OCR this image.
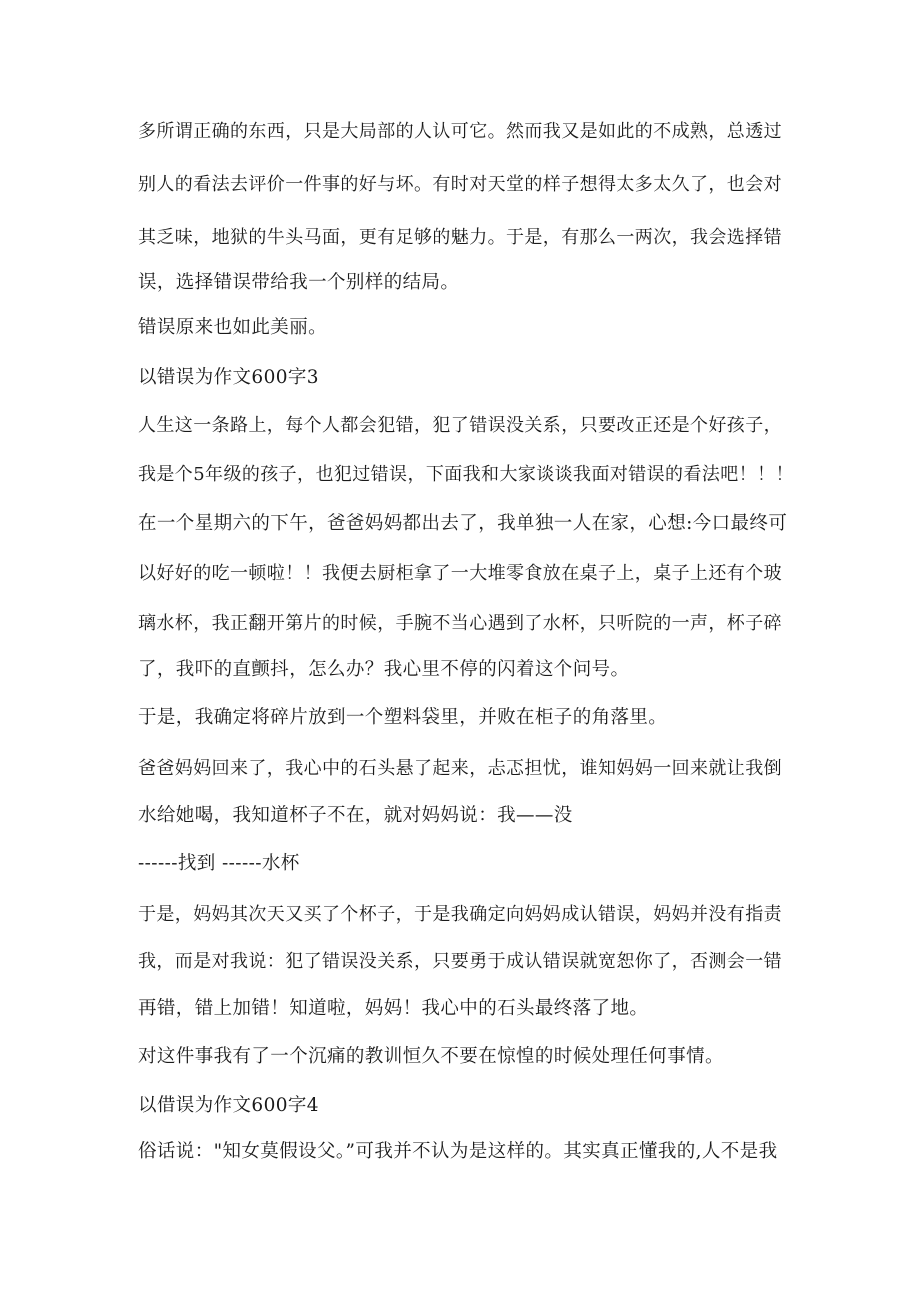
多所谓正确的东西，只是大局部的人认可它。然而我又是如此的不成熟，总透过
别人的看法去评价一件事的好与坏。有时对天堂的样子想得太多太久了，也会对
其乏味，地狱的牛头马面，更有足够的魅力。于是，有那么一两次，我会选择错
误，选择错误带给我一个别样的结局。
错误原来也如此美丽。
以错误为作文600字3
人生这一条路上，每个人都会犯错，犯了错误没关系，只要改正还是个好孩子，
我是个5年级的孩子，也犯过错误，下面我和大家谈谈我面对错误的看法吧！！！
在一个星期六的下午，爸爸妈妈都出去了，我单独一人在家，心想:今口最终可
以好好的吃一顿啦！！我便去厨柜拿了一大堆零食放在桌子上，桌子上还有个玻
璃水杯，我正翻开第片的时候，手腕不当心遇到了水杯，只听院的一声，杯子碎
了，我吓的直颤抖，怎么办？我心里不停的闪着这个问号。
于是，我确定将碎片放到一个塑料袋里，并败在柜子的角落里。
爸爸妈妈回来了，我心中的石头悬了起来，忐忑担忧，谁知妈妈一回来就让我倒
水给她喝，我知道杯子不在，就对妈妈说：我——没
------找到 ------水杯
于是，妈妈其次天又买了个杯子，于是我确定向妈妈成认错误，妈妈并没有指责
我，而是对我说：犯了错误没关系，只要勇于成认错误就宽恕你了，否测会一错
再错，错上加错！知道啦，妈妈！我心中的石头最终落了地。
对这件事我有了一个沉痛的教训恒久不要在惊惶的时候处理任何事情。
以借误为作文600字4
俗话说："知女莫假设父。”可我并不认为是这样的。其实真正懂我的,人不是我
